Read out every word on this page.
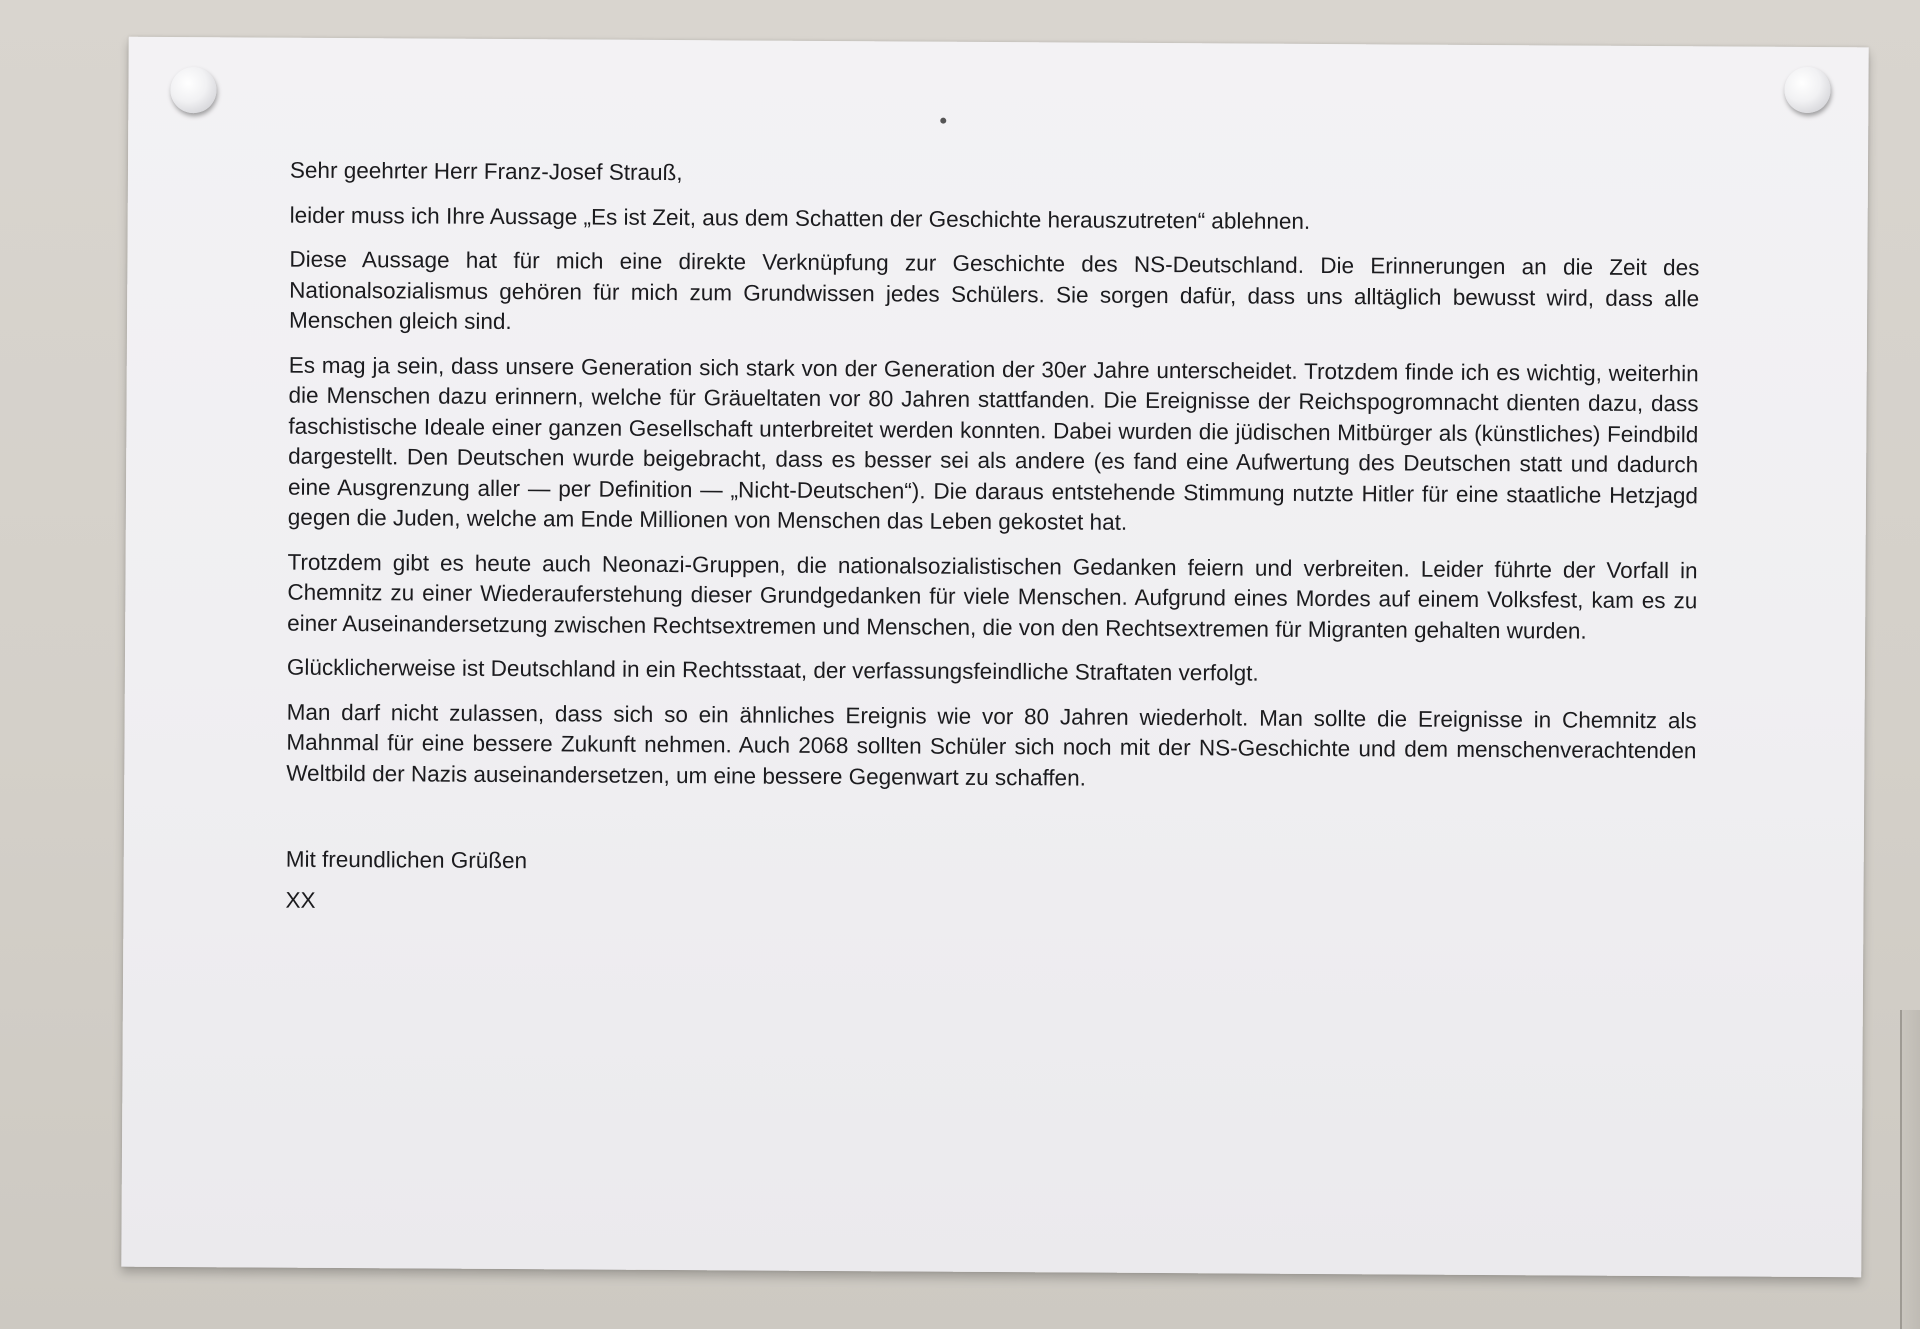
Sehr geehrter Herr Franz-Josef Strauß,

leider muss ich Ihre Aussage „Es ist Zeit, aus dem Schatten der Geschichte herauszutreten“ ablehnen.

Diese Aussage hat für mich eine direkte Verknüpfung zur Geschichte des NS-Deutschland. Die Erinnerungen an die Zeit des Nationalsozialismus gehören für mich zum Grundwissen jedes Schülers. Sie sorgen dafür, dass uns alltäglich bewusst wird, dass alle Menschen gleich sind.

Es mag ja sein, dass unsere Generation sich stark von der Generation der 30er Jahre unterscheidet. Trotzdem finde ich es wichtig, weiterhin die Menschen dazu erinnern, welche für Gräueltaten vor 80 Jahren stattfanden. Die Ereignisse der Reichspogromnacht dienten dazu, dass faschistische Ideale einer ganzen Gesellschaft unterbreitet werden konnten. Dabei wurden die jüdischen Mitbürger als (künstliches) Feindbild dargestellt. Den Deutschen wurde beigebracht, dass es besser sei als andere (es fand eine Aufwertung des Deutschen statt und dadurch eine Ausgrenzung aller — per Definition — „Nicht-Deutschen“). Die daraus entstehende Stimmung nutzte Hitler für eine staatliche Hetzjagd gegen die Juden, welche am Ende Millionen von Menschen das Leben gekostet hat.

Trotzdem gibt es heute auch Neonazi-Gruppen, die nationalsozialistischen Gedanken feiern und verbreiten. Leider führte der Vorfall in Chemnitz zu einer Wiederauferstehung dieser Grundgedanken für viele Menschen. Aufgrund eines Mordes auf einem Volksfest, kam es zu einer Auseinandersetzung zwischen Rechtsextremen und Menschen, die von den Rechtsextremen für Migranten gehalten wurden.

Glücklicherweise ist Deutschland in ein Rechtsstaat, der verfassungsfeindliche Straftaten verfolgt.

Man darf nicht zulassen, dass sich so ein ähnliches Ereignis wie vor 80 Jahren wiederholt. Man sollte die Ereignisse in Chemnitz als Mahnmal für eine bessere Zukunft nehmen. Auch 2068 sollten Schüler sich noch mit der NS-Geschichte und dem menschenverachtenden Weltbild der Nazis auseinandersetzen, um eine bessere Gegenwart zu schaffen.

Mit freundlichen Grüßen

XX
